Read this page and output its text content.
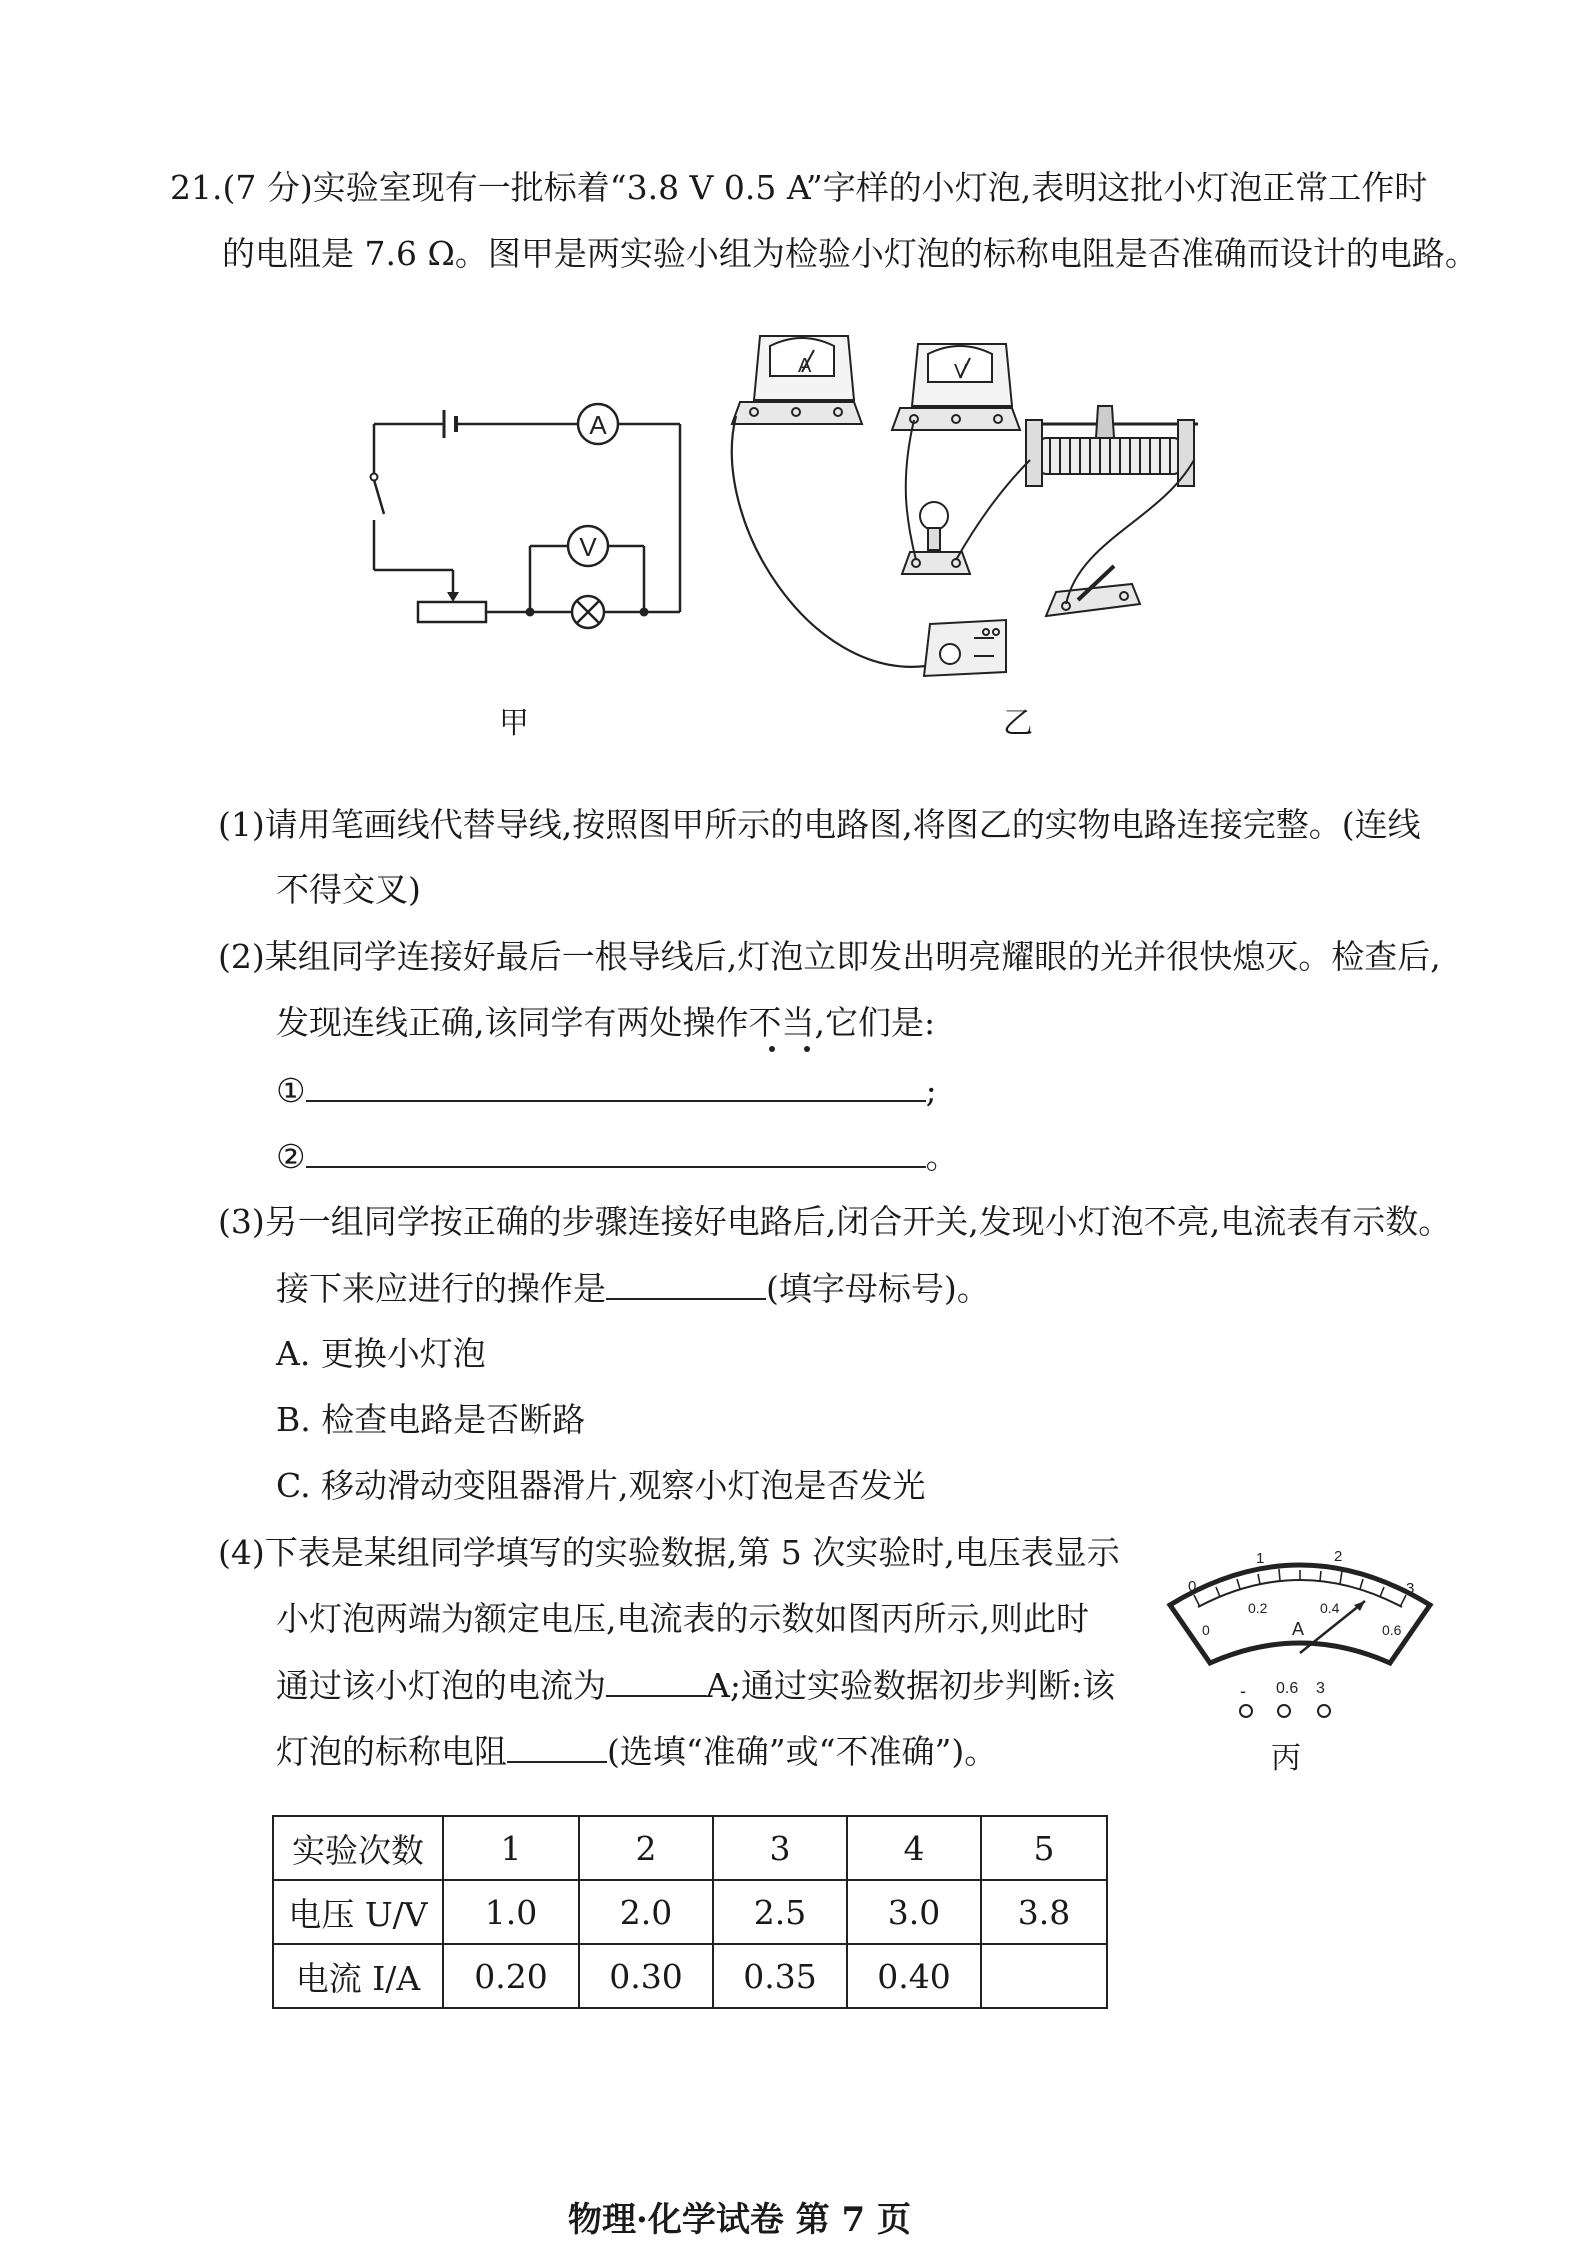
21.(7 分)实验室现有一批标着“3.8 V 0.5 A”字样的小灯泡,表明这批小灯泡正常工作时
的电阻是 7.6 Ω。图甲是两实验小组为检验小灯泡的标称电阻是否准确而设计的电路。
A
V
甲
A	V
乙
(1)请用笔画线代替导线,按照图甲所示的电路图,将图乙的实物电路连接完整。(连线
不得交叉)
(2)某组同学连接好最后一根导线后,灯泡立即发出明亮耀眼的光并很快熄灭。检查后,
发现连线正确,该同学有两处操作不当,它们是:
①	;
②	。
(3)另一组同学按正确的步骤连接好电路后,闭合开关,发现小灯泡不亮,电流表有示数。
接下来应进行的操作是	(填字母标号)。
A. 更换小灯泡
B. 检查电路是否断路
C. 移动滑动变阻器滑片,观察小灯泡是否发光
(4)下表是某组同学填写的实验数据,第 5 次实验时,电压表显示
小灯泡两端为额定电压,电流表的示数如图丙所示,则此时
通过该小灯泡的电流为	A;通过实验数据初步判断:该
灯泡的标称电阻	(选填“准确”或“不准确”)。
0
1	2
3
0
0.2	0.4
0.6
A
- 0.6 3
丙
实验次数	1	2	3	4	5
电压 U/V	1.0	2.0	2.5	3.0	3.8
电流 I/A	0.20	0.30	0.35	0.40	
物理·化学试卷 第 7 页
